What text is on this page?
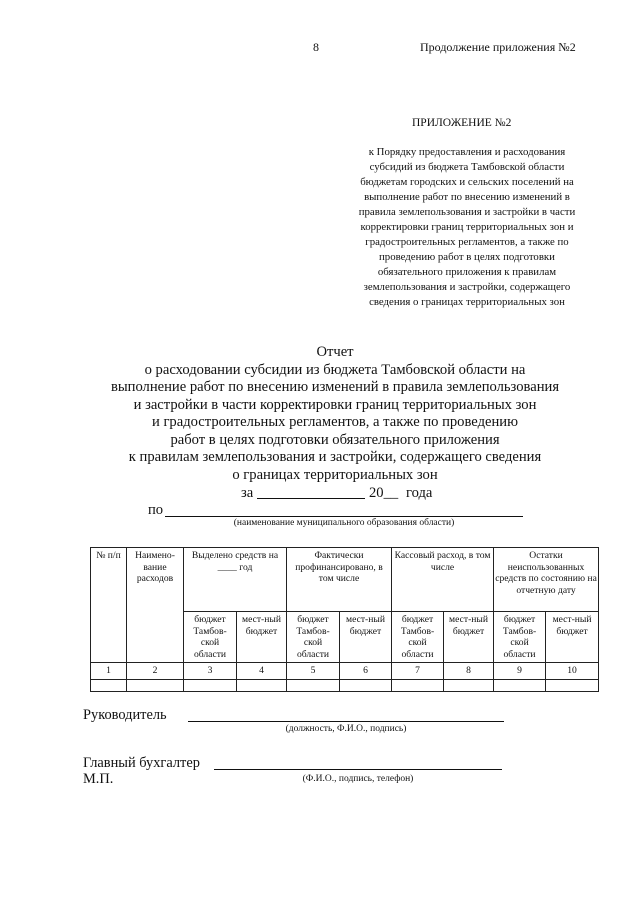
8	Продолжение приложения №2
ПРИЛОЖЕНИЕ №2
к Порядку предоставления и расходования
субсидий из бюджета Тамбовской области
бюджетам городских и сельских поселений на
выполнение работ по внесению изменений в
правила землепользования и застройки в части
корректировки границ территориальных зон и
градостроительных регламентов, а также по
проведению работ в целях подготовки
обязательного приложения к правилам
землепользования и застройки, содержащего
сведения о границах территориальных зон
Отчет
о расходовании субсидии из бюджета Тамбовской области на
выполнение работ по внесению изменений в правила землепользования
и застройки в части корректировки границ территориальных зон
и градостроительных регламентов, а также по проведению
работ в целях подготовки обязательного приложения
к правилам землепользования и застройки, содержащего сведения
о границах территориальных зон
за	20__ года
по
(наименование муниципального образования области)
№ п/п	Наимено-вание расходов	Выделено средств на ____ год		Фактически профинансировано, в том числе		Кассовый расход, в том числе		Остатки неиспользованных средств по состоянию на отчетную дату	
		бюджет Тамбов-ской области	мест-ный бюджет	бюджет Тамбов-ской области	мест-ный бюджет	бюджет Тамбов-ской области	мест-ный бюджет	бюджет Тамбов-ской области	мест-ный бюджет
1	2	3	4	5	6	7	8	9	10

Руководитель
(должность, Ф.И.О., подпись)
Главный бухгалтер
М.П.	(Ф.И.О., подпись, телефон)
